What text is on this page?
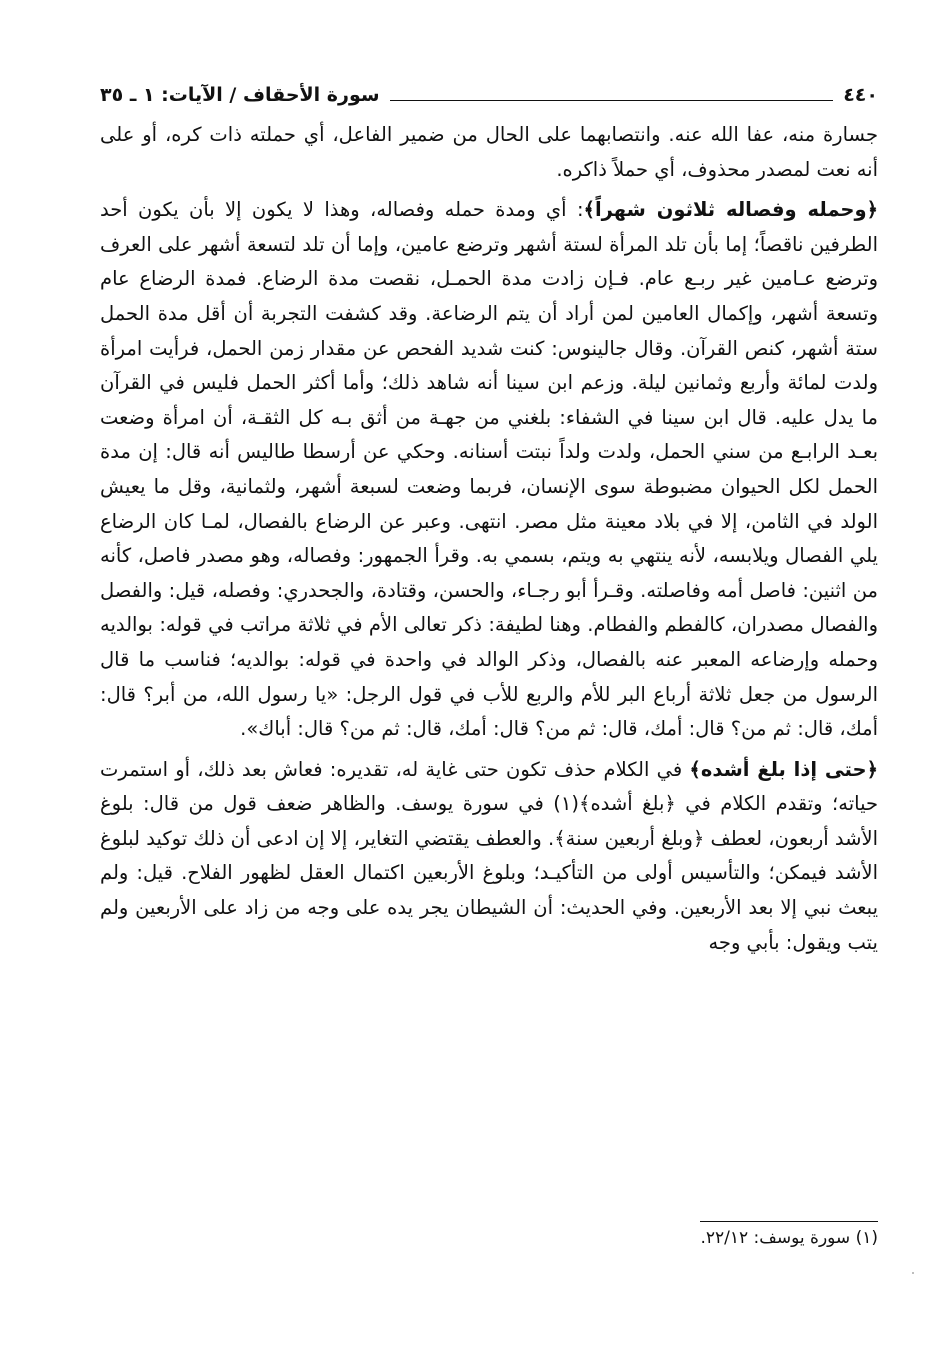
٤٤٠
سورة الأحقاف / الآيات: ١ ـ ٣٥

جسارة منه، عفا الله عنه. وانتصابهما على الحال من ضمير الفاعل، أي حملته ذات كره، أو على أنه نعت لمصدر محذوف، أي حملاً ذاكره.

﴿وحمله وفصاله ثلاثون شهراً﴾: أي ومدة حمله وفصاله، وهذا لا يكون إلا بأن يكون أحد الطرفين ناقصاً؛ إما بأن تلد المرأة لستة أشهر وترضع عامين، وإما أن تلد لتسعة أشهر على العرف وترضع عـامين غير ربـع عام. فـإن زادت مدة الحمـل، نقصت مدة الرضاع. فمدة الرضاع عام وتسعة أشهر، وإكمال العامين لمن أراد أن يتم الرضاعة. وقد كشفت التجربة أن أقل مدة الحمل ستة أشهر، كنص القرآن. وقال جالينوس: كنت شديد الفحص عن مقدار زمن الحمل، فرأيت امرأة ولدت لمائة وأربع وثمانين ليلة. وزعم ابن سينا أنه شاهد ذلك؛ وأما أكثر الحمل فليس في القرآن ما يدل عليه. قال ابن سينا في الشفاء: بلغني من جهـة من أثق بـه كل الثقـة، أن امرأة وضعت بعـد الرابـع من سني الحمل، ولدت ولداً نبتت أسنانه. وحكي عن أرسطا طاليس أنه قال: إن مدة الحمل لكل الحيوان مضبوطة سوى الإنسان، فربما وضعت لسبعة أشهر، ولثمانية، وقل ما يعيش الولد في الثامن، إلا في بلاد معينة مثل مصر. انتهى. وعبر عن الرضاع بالفصال، لمـا كان الرضاع يلي الفصال ويلابسه، لأنه ينتهي به ويتم، بسمي به. وقرأ الجمهور: وفصاله، وهو مصدر فاصل، كأنه من اثنين: فاصل أمه وفاصلته. وقـرأ أبو رجـاء، والحسن، وقتادة، والجحدري: وفصله، قيل: والفصل والفصال مصدران، كالفطم والفطام. وهنا لطيفة: ذكر تعالى الأم في ثلاثة مراتب في قوله: بوالديه وحمله وإرضاعه المعبر عنه بالفصال، وذكر الوالد في واحدة في قوله: بوالديه؛ فناسب ما قال الرسول من جعل ثلاثة أرباع البر للأم والربع للأب في قول الرجل: «يا رسول الله، من أبر؟ قال: أمك، قال: ثم من؟ قال: أمك، قال: ثم من؟ قال: أمك، قال: ثم من؟ قال: أباك».

﴿حتى إذا بلغ أشده﴾ في الكلام حذف تكون حتى غاية له، تقديره: فعاش بعد ذلك، أو استمرت حياته؛ وتقدم الكلام في ﴿بلغ أشده﴾(١) في سورة يوسف. والظاهر ضعف قول من قال: بلوغ الأشد أربعون، لعطف ﴿وبلغ أربعين سنة﴾. والعطف يقتضي التغاير، إلا إن ادعى أن ذلك توكيد لبلوغ الأشد فيمكن؛ والتأسيس أولى من التأكيـد؛ وبلوغ الأربعين اكتمال العقل لظهور الفلاح. قيل: ولم يبعث نبي إلا بعد الأربعين. وفي الحديث: أن الشيطان يجر يده على وجه من زاد على الأربعين ولم يتب ويقول: بأبي وجه

(١) سورة يوسف: ٢٢/١٢.
